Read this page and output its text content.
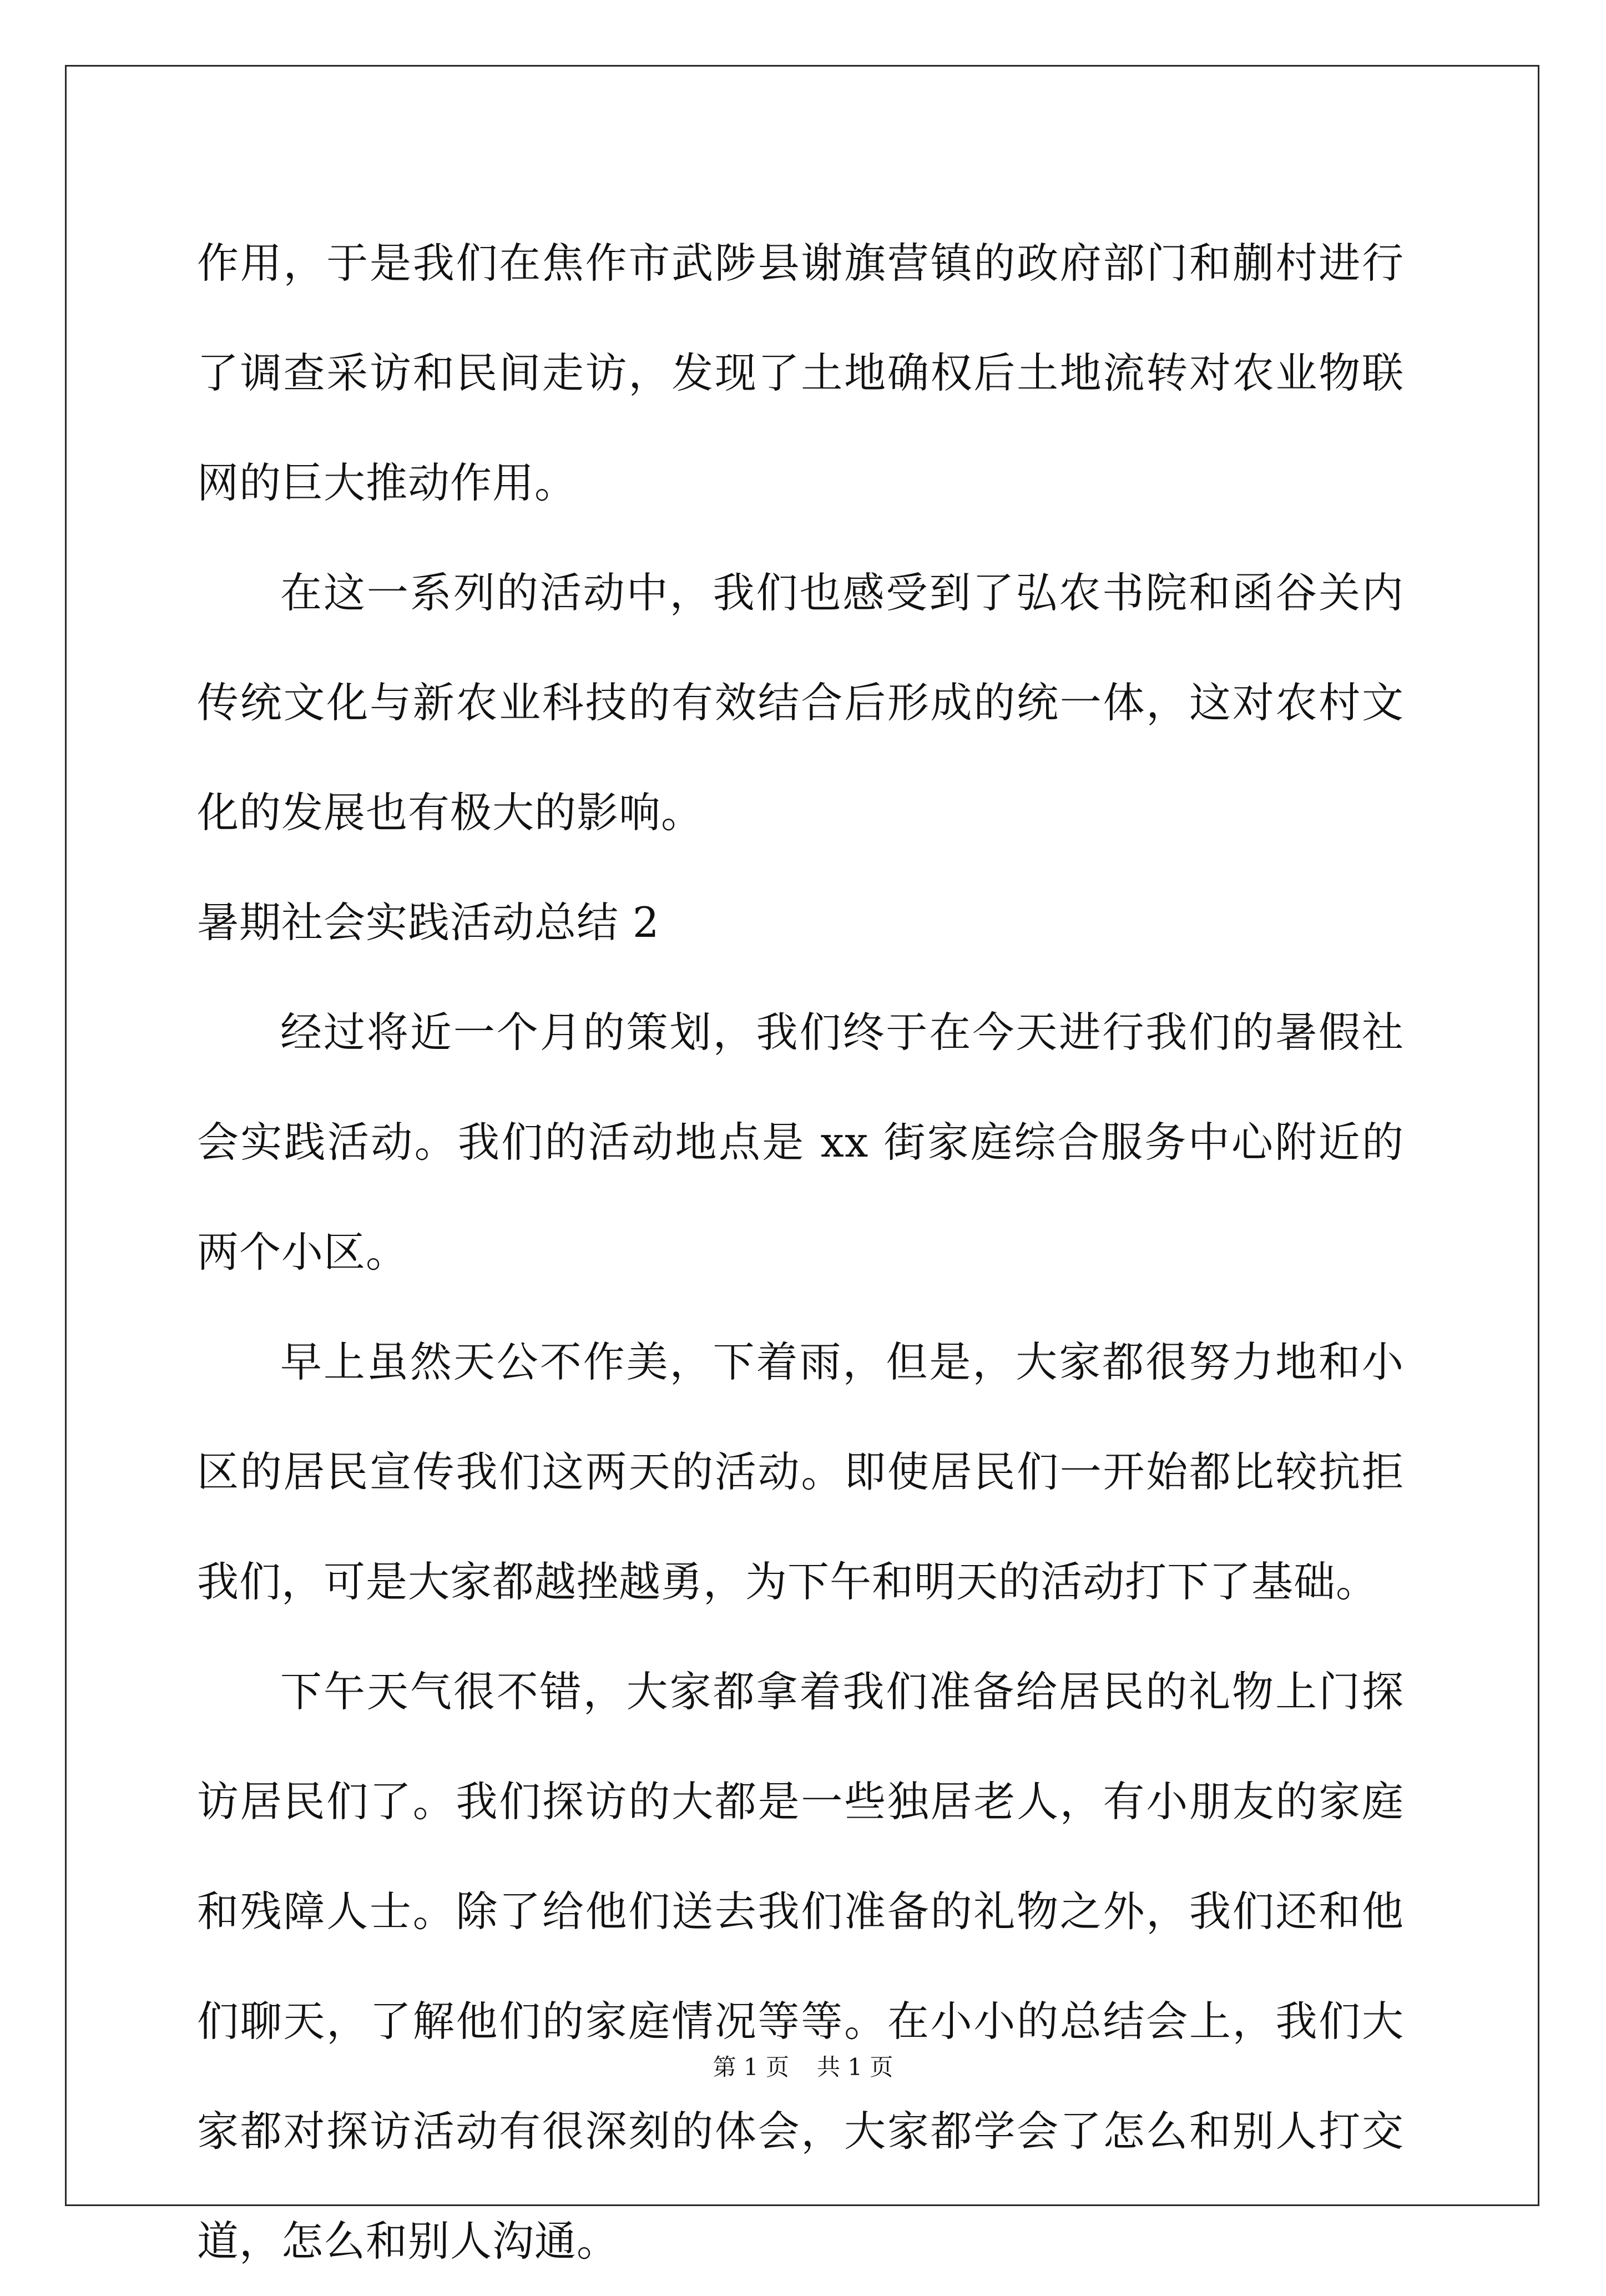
作用，于是我们在焦作市武陟县谢旗营镇的政府部门和蒯村进行了调查采访和民间走访，发现了土地确权后土地流转对农业物联网的巨大推动作用。

在这一系列的活动中，我们也感受到了弘农书院和函谷关内传统文化与新农业科技的有效结合后形成的统一体，这对农村文化的发展也有极大的影响。

暑期社会实践活动总结 2

经过将近一个月的策划，我们终于在今天进行我们的暑假社会实践活动。我们的活动地点是 xx 街家庭综合服务中心附近的两个小区。

早上虽然天公不作美，下着雨，但是，大家都很努力地和小区的居民宣传我们这两天的活动。即使居民们一开始都比较抗拒我们，可是大家都越挫越勇，为下午和明天的活动打下了基础。

下午天气很不错，大家都拿着我们准备给居民的礼物上门探访居民们了。我们探访的大都是一些独居老人，有小朋友的家庭和残障人士。除了给他们送去我们准备的礼物之外，我们还和他们聊天，了解他们的家庭情况等等。在小小的总结会上，我们大家都对探访活动有很深刻的体会，大家都学会了怎么和别人打交道，怎么和别人沟通。

第 1 页 共 1 页
